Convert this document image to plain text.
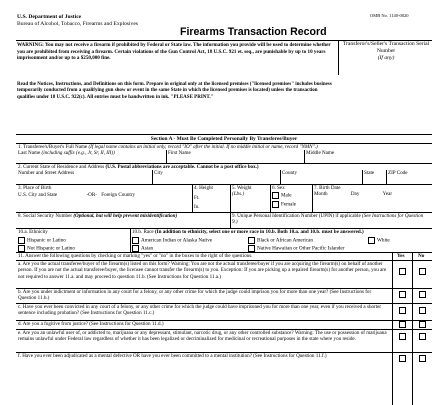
OMB No. 1140-0020
U.S. Department of Justice
Bureau of Alcohol, Tobacco, Firearms and Explosives
Firearms Transaction Record
WARNING: You may not receive a firearm if prohibited by Federal or State law. The information you provide will be used to determine whether you are prohibited from receiving a firearm. Certain violations of the Gun Control Act, 18 U.S.C. 921 et. seq., are punishable by up to 10 years imprisonment and/or up to a $250,000 fine.
Transferor's/Seller's Transaction Serial Number
(If any)
Read the Notices, Instructions, and Definitions on this form. Prepare in original only at the licensed premises ("licensed premises" includes business temporarily conducted from a qualifying gun show or event in the same State in which the licensed premises is located) unless the transaction qualifies under 18 U.S.C. 922(c). All entries must be handwritten in ink. "PLEASE PRINT."
Section A - Must Be Completed Personally By Transferee/Buyer
1. Transferee's/Buyer's Full Name (If legal name contains an initial only, record "IO" after the initial. If no middle initial or name, record "NMN".)
Last Name (including suffix (e.g., Jr, Sr, II, III))	First Name	Middle Name
2. Current State of Residence and Address (U.S. Postal abbreviations are acceptable. Cannot be a post office box.)
Number and Street Address	City	County	State	ZIP Code
3. Place of Birth
U.S. City and State	-OR- Foreign Country
4. Height
Ft.
In.
5. Weight
(Lbs.)
6. Sex
Male
Female
7. Birth Date
Month	Day	Year
8. Social Security Number (Optional, but will help prevent misidentification)	9. Unique Personal Identification Number (UPIN) if applicable (See Instructions for Question 9.)
10.a. Ethnicity	10.b. Race (In addition to ethnicity, select one or more race in 10.b. Both 10.a. and 10.b. must be answered.)
Hispanic or Latino
Not Hispanic or Latino
American Indian or Alaska Native	Black or African American	White
Asian	Native Hawaiian or Other Pacific Islander
11. Answer the following questions by checking or marking "yes" or "no" in the boxes to the right of the questions.	Yes	No
a. Are you the actual transferee/buyer of the firearm(s) listed on this form? Warning: You are not the actual transferee/buyer if you are acquiring the firearm(s) on behalf of another person. If you are not the actual transferee/buyer, the licensee cannot transfer the firearm(s) to you. Exception: If you are picking up a repaired firearm(s) for another person, you are not required to answer 11.a. and may proceed to question 11.b. (See Instructions for Question 11.a.)
b. Are you under indictment or information in any court for a felony, or any other crime for which the judge could imprison you for more than one year? (See Instructions for Question 11.b.)
c. Have you ever been convicted in any court of a felony, or any other crime for which the judge could have imprisoned you for more than one year, even if you received a shorter sentence including probation? (See Instructions for Question 11.c.)
d. Are you a fugitive from justice? (See Instructions for Question 11.d.)
e. Are you an unlawful user of, or addicted to, marijuana or any depressant, stimulant, narcotic drug, or any other controlled substance? Warning: The use or possession of marijuana remains unlawful under Federal law regardless of whether it has been legalized or decriminalized for medicinal or recreational purposes in the state where you reside.
f. Have you ever been adjudicated as a mental defective OR have you ever been committed to a mental institution? (See Instructions for Question 11.f.)
